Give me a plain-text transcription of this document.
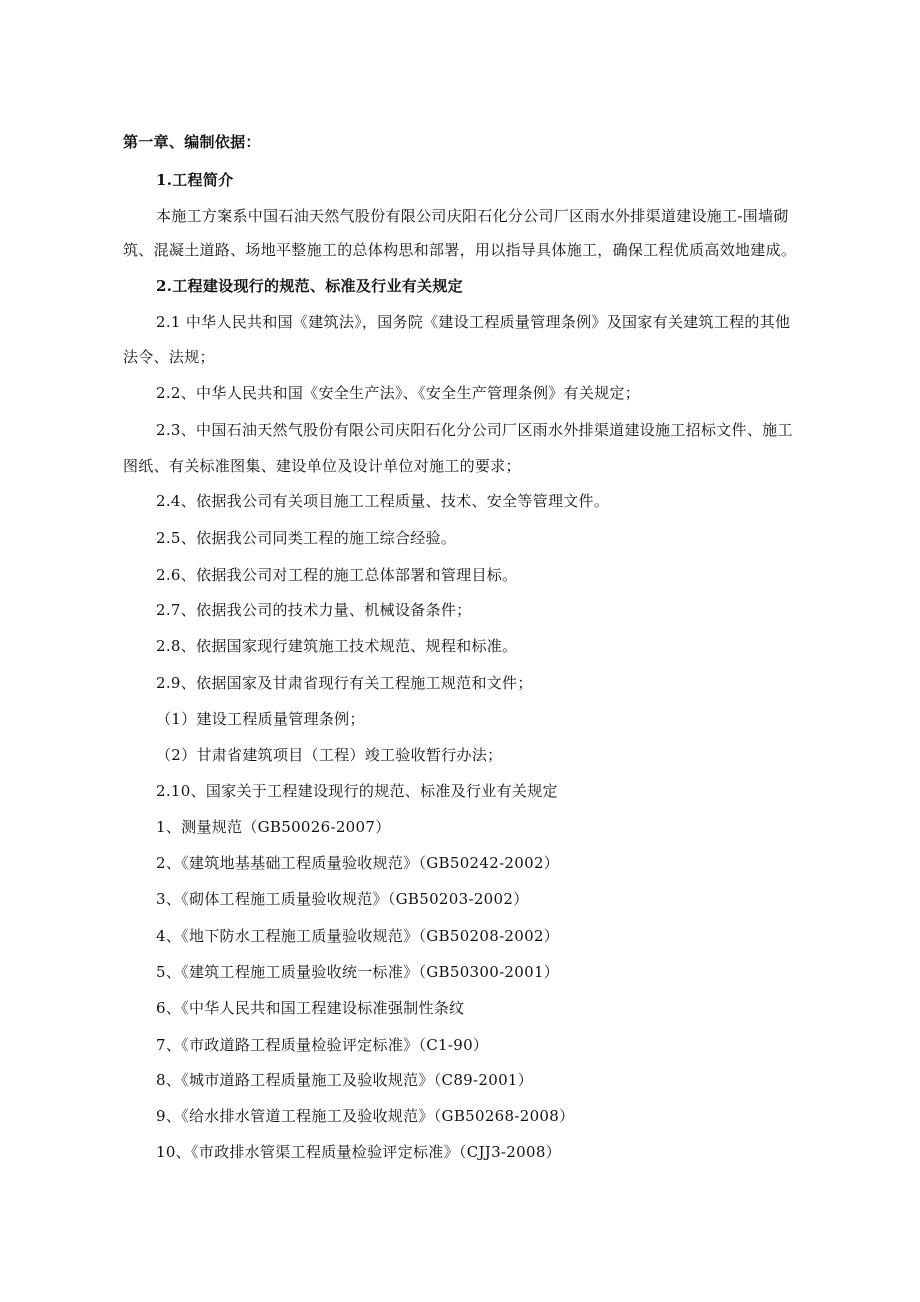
第一章、编制依据：
1.工程简介
本施工方案系中国石油天然气股份有限公司庆阳石化分公司厂区雨水外排渠道建设施工-围墙砌
筑、混凝土道路、场地平整施工的总体构思和部署，用以指导具体施工，确保工程优质高效地建成。
2.工程建设现行的规范、标准及行业有关规定
2.1 中华人民共和国《建筑法》，国务院《建设工程质量管理条例》及国家有关建筑工程的其他
法令、法规；
2.2、中华人民共和国《安全生产法》、《安全生产管理条例》有关规定；
2.3、中国石油天然气股份有限公司庆阳石化分公司厂区雨水外排渠道建设施工招标文件、施工
图纸、有关标准图集、建设单位及设计单位对施工的要求；
2.4、依据我公司有关项目施工工程质量、技术、安全等管理文件。
2.5、依据我公司同类工程的施工综合经验。
2.6、依据我公司对工程的施工总体部署和管理目标。
2.7、依据我公司的技术力量、机械设备条件；
2.8、依据国家现行建筑施工技术规范、规程和标准。
2.9、依据国家及甘肃省现行有关工程施工规范和文件；
（1）建设工程质量管理条例；
（2）甘肃省建筑项目（工程）竣工验收暂行办法；
2.10、国家关于工程建设现行的规范、标准及行业有关规定
1、测量规范（GB50026-2007）
2、《建筑地基基础工程质量验收规范》（GB50242-2002）
3、《砌体工程施工质量验收规范》（GB50203-2002）
4、《地下防水工程施工质量验收规范》（GB50208-2002）
5、《建筑工程施工质量验收统一标准》（GB50300-2001）
6、《中华人民共和国工程建设标准强制性条纹
7、《市政道路工程质量检验评定标准》（C1-90）
8、《城市道路工程质量施工及验收规范》（C89-2001）
9、《给水排水管道工程施工及验收规范》（GB50268-2008）
10、《市政排水管渠工程质量检验评定标准》（CJJ3-2008）
